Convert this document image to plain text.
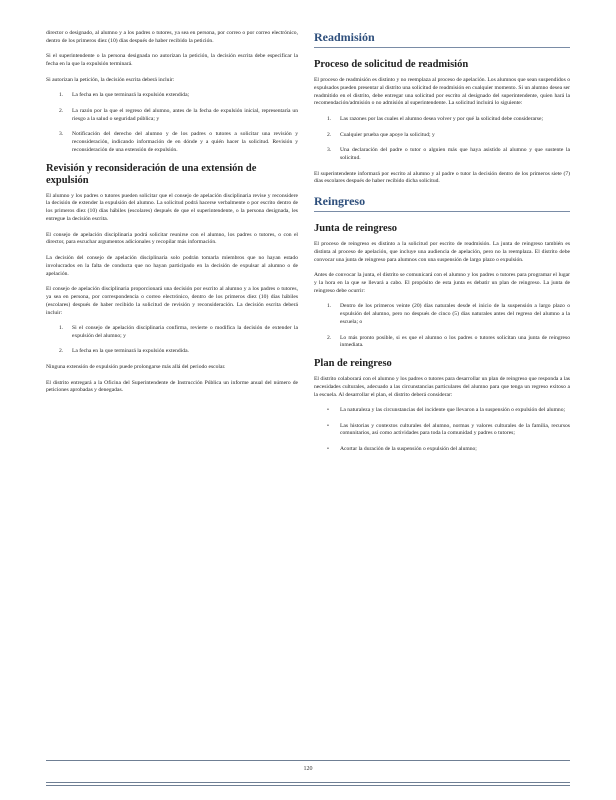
director o designado, al alumno y a los padres o tutores, ya sea en persona, por correo o por correo electrónico, dentro de los primeros diez (10) días después de haber recibido la petición.

Si el superintendente o la persona designada no autorizan la petición, la decisión escrita debe especificar la fecha en la que la expulsión terminará.

Si autorizan la petición, la decisión escrita deberá incluir:

1.	La fecha en la que terminará la expulsión extendida;
2.	La razón por la que el regreso del alumno, antes de la fecha de expulsión inicial, representaría un riesgo a la salud o seguridad pública; y
3.	Notificación del derecho del alumno y de los padres o tutores a solicitar una revisión y reconsideración, indicando información de en dónde y a quién hacer la solicitud. Revisión y reconsideración de una extensión de expulsión.
Revisión y reconsideración de una extensión de expulsión

El alumno y los padres o tutores pueden solicitar que el consejo de apelación disciplinaria revise y reconsidere la decisión de extender la expulsión del alumno. La solicitud podrá hacerse verbalmente o por escrito dentro de los primeros diez (10) días hábiles (escolares) después de que el superintendente, o la persona designada, les entregue la decisión escrita.

El consejo de apelación disciplinaria podrá solicitar reunirse con el alumno, los padres o tutores, o con el director, para escuchar argumentos adicionales y recopilar más información.

La decisión del consejo de apelación disciplinaria solo podrán tomarla miembros que no hayan estado involucrados en la falta de conducta que no hayan participado en la decisión de expulsar al alumno o de apelación.

El consejo de apelación disciplinaria proporcionará una decisión por escrito al alumno y a los padres o tutores, ya sea en persona, por correspondencia o correo electrónico, dentro de los primeros diez (10) días hábiles (escolares) después de haber recibido la solicitud de revisión y reconsideración. La decisión escrita deberá incluir:

1.	Si el consejo de apelación disciplinaria confirma, revierte o modifica la decisión de extender la expulsión del alumno; y
2.	La fecha en la que terminará la expulsión extendida.

Ninguna extensión de expulsión puede prolongarse más allá del periodo escolar.

El distrito entregará a la Oficina del Superintendente de Instrucción Pública un informe anual del número de peticiones aprobadas y denegadas.

Readmisión
Proceso de solicitud de readmisión

El proceso de readmisión es distinto y no reemplaza al proceso de apelación. Los alumnos que sean suspendidos o expulsados pueden presentar al distrito una solicitud de readmisión en cualquier momento. Si un alumno desea ser readmitido en el distrito, debe entregar una solicitud por escrito al designado del superintendente, quien hará la recomendación/admisión o no admisión al superintendente. La solicitud incluirá lo siguiente:

1.	Las razones por las cuales el alumno desea volver y por qué la solicitud debe considerarse;
2.	Cualquier prueba que apoye la solicitud; y
3.	Una declaración del padre o tutor o alguien más que haya asistido al alumno y que sustente la solicitud.

El superintendente informará por escrito al alumno y al padre o tutor la decisión dentro de los primeros siete (7) días escolares después de haber recibido dicha solicitud.

Reingreso
Junta de reingreso

El proceso de reingreso es distinto a la solicitud por escrito de readmisión. La junta de reingreso también es distinta al proceso de apelación, que incluye una audiencia de apelación, pero no la reemplaza. El distrito debe convocar una junta de reingreso para alumnos con una suspensión de largo plazo o expulsión.

Antes de convocar la junta, el distrito se comunicará con el alumno y los padres o tutores para programar el lugar y la hora en la que se llevará a cabo. El propósito de esta junta es debatir un plan de reingreso. La junta de reingreso debe ocurrir:

1.	Dentro de los primeros veinte (20) días naturales desde el inicio de la suspensión a largo plazo o expulsión del alumno, pero no después de cinco (5) días naturales antes del regreso del alumno a la escuela; o
2.	Lo más pronto posible, si es que el alumno o los padres o tutores solicitan una junta de reingreso inmediata.
Plan de reingreso

El distrito colaborará con el alumno y los padres o tutores para desarrollar un plan de reingreso que responda a las necesidades culturales, adecuado a las circunstancias particulares del alumno para que tenga un regreso exitoso a la escuela. Al desarrollar el plan, el distrito deberá considerar:

•	La naturaleza y las circunstancias del incidente que llevaron a la suspensión o expulsión del alumno;
•	Las historias y contextos culturales del alumno, normas y valores culturales de la familia, recursos comunitarios, así como actividades para toda la comunidad y padres o tutores;
•	Acortar la duración de la suspensión o expulsión del alumno;
120
